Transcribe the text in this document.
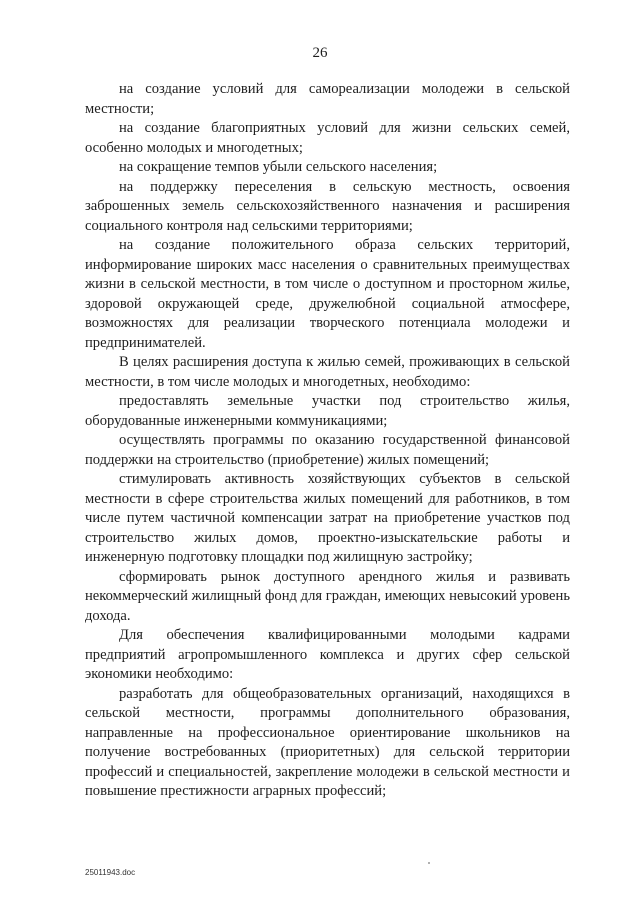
26

на создание условий для самореализации молодежи в сельской местности;

на создание благоприятных условий для жизни сельских семей, особенно молодых и многодетных;

на сокращение темпов убыли сельского населения;

на поддержку переселения в сельскую местность, освоения заброшенных земель сельскохозяйственного назначения и расширения социального контроля над сельскими территориями;

на создание положительного образа сельских территорий, информирование широких масс населения о сравнительных преимуществах жизни в сельской местности, в том числе о доступном и просторном жилье, здоровой окружающей среде, дружелюбной социальной атмосфере, возможностях для реализации творческого потенциала молодежи и предпринимателей.

В целях расширения доступа к жилью семей, проживающих в сельской местности, в том числе молодых и многодетных, необходимо:

предоставлять земельные участки под строительство жилья, оборудованные инженерными коммуникациями;

осуществлять программы по оказанию государственной финансовой поддержки на строительство (приобретение) жилых помещений;

стимулировать активность хозяйствующих субъектов в сельской местности в сфере строительства жилых помещений для работников, в том числе путем частичной компенсации затрат на приобретение участков под строительство жилых домов, проектно-изыскательские работы и инженерную подготовку площадки под жилищную застройку;

сформировать рынок доступного арендного жилья и развивать некоммерческий жилищный фонд для граждан, имеющих невысокий уровень дохода.

Для обеспечения квалифицированными молодыми кадрами предприятий агропромышленного комплекса и других сфер сельской экономики необходимо:

разработать для общеобразовательных организаций, находящихся в сельской местности, программы дополнительного образования, направленные на профессиональное ориентирование школьников на получение востребованных (приоритетных) для сельской территории профессий и специальностей, закрепление молодежи в сельской местности и повышение престижности аграрных профессий;

25011943.doc
